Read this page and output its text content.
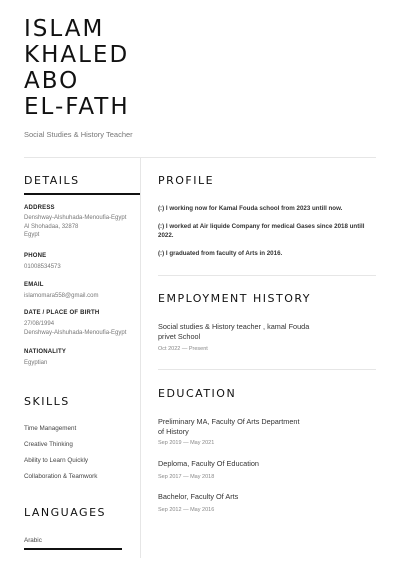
ISLAM
KHALED
ABO
EL-FATH
Social Studies & History Teacher
DETAILS
ADDRESS
Denshway-Alshuhada-Menoufia-Egypt
Al Shohadaa, 32878
Egypt
PHONE
01008534573
EMAIL
islamomara558@gmail.com
DATE / PLACE OF BIRTH
27/08/1994
Denshway-Alshuhada-Menoufia-Egypt
NATIONALITY
Egyptian
SKILLS
Time Management
Creative Thinking
Ability to Learn Quickly
Collaboration & Teamwork
LANGUAGES
Arabic
PROFILE
(:) I working now for Kamal Fouda school from 2023 untill now.
(:) I worked at Air liquide Company for medical Gases since 2018 untill 2022.
(:) I graduated from faculty of Arts in 2016.
EMPLOYMENT HISTORY
Social studies & History teacher , kamal Fouda
privet School
Oct 2022 — Present
EDUCATION
Preliminary MA, Faculty Of Arts Department
of History
Sep 2019 — May 2021
Deploma, Faculty Of Education
Sep 2017 — May 2018
Bachelor, Faculty Of Arts
Sep 2012 — May 2016
